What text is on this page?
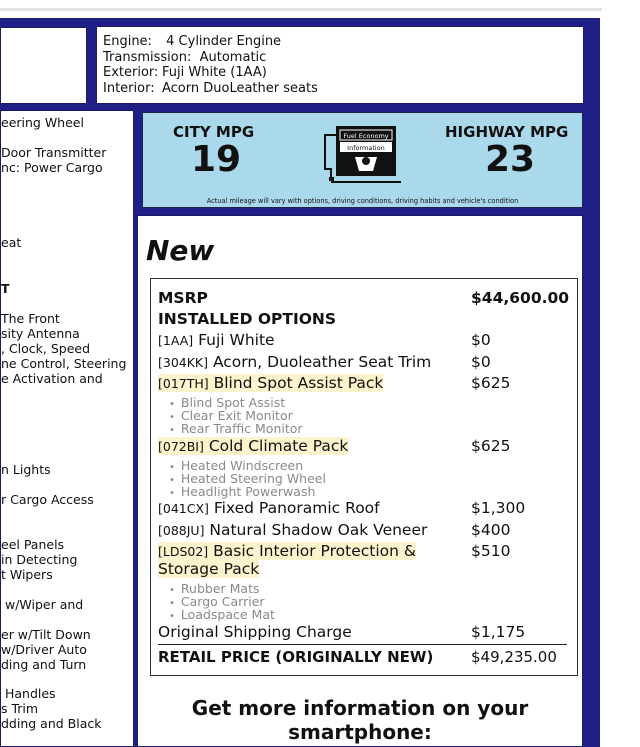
Engine: 4 Cylinder Engine
Transmission: Automatic
Exterior: Fuji White (1AA)
Interior: Acorn DuoLeather seats
eering Wheel
Door Transmitter
nc: Power Cargo
eat
T
The Front
sity Antenna
, Clock, Speed
ne Control, Steering
e Activation and
n Lights
r Cargo Access
eel Panels
in Detecting
t Wipers
w/Wiper and
er w/Tilt Down
w/Driver Auto
ding and Turn
Handles
s Trim
dding and Black
CITY MPG
19
HIGHWAY MPG
23
Fuel Economy
Information
Actual mileage will vary with options, driving conditions, driving habits and vehicle's condition
New
MSRP	$44,600.00
INSTALLED OPTIONS
[1AA] Fuji White	$0
[304KK] Acorn, Duoleather Seat Trim	$0
[017TH] Blind Spot Assist Pack	$625
• Blind Spot Assist
• Clear Exit Monitor
• Rear Traffic Monitor
[072BI] Cold Climate Pack	$625
• Heated Windscreen
• Heated Steering Wheel
• Headlight Powerwash
[041CX] Fixed Panoramic Roof	$1,300
[088JU] Natural Shadow Oak Veneer	$400
[LDS02] Basic Interior Protection &	$510
Storage Pack
• Rubber Mats
• Cargo Carrier
• Loadspace Mat
Original Shipping Charge	$1,175
RETAIL PRICE (ORIGINALLY NEW)	$49,235.00
Get more information on your
smartphone:
